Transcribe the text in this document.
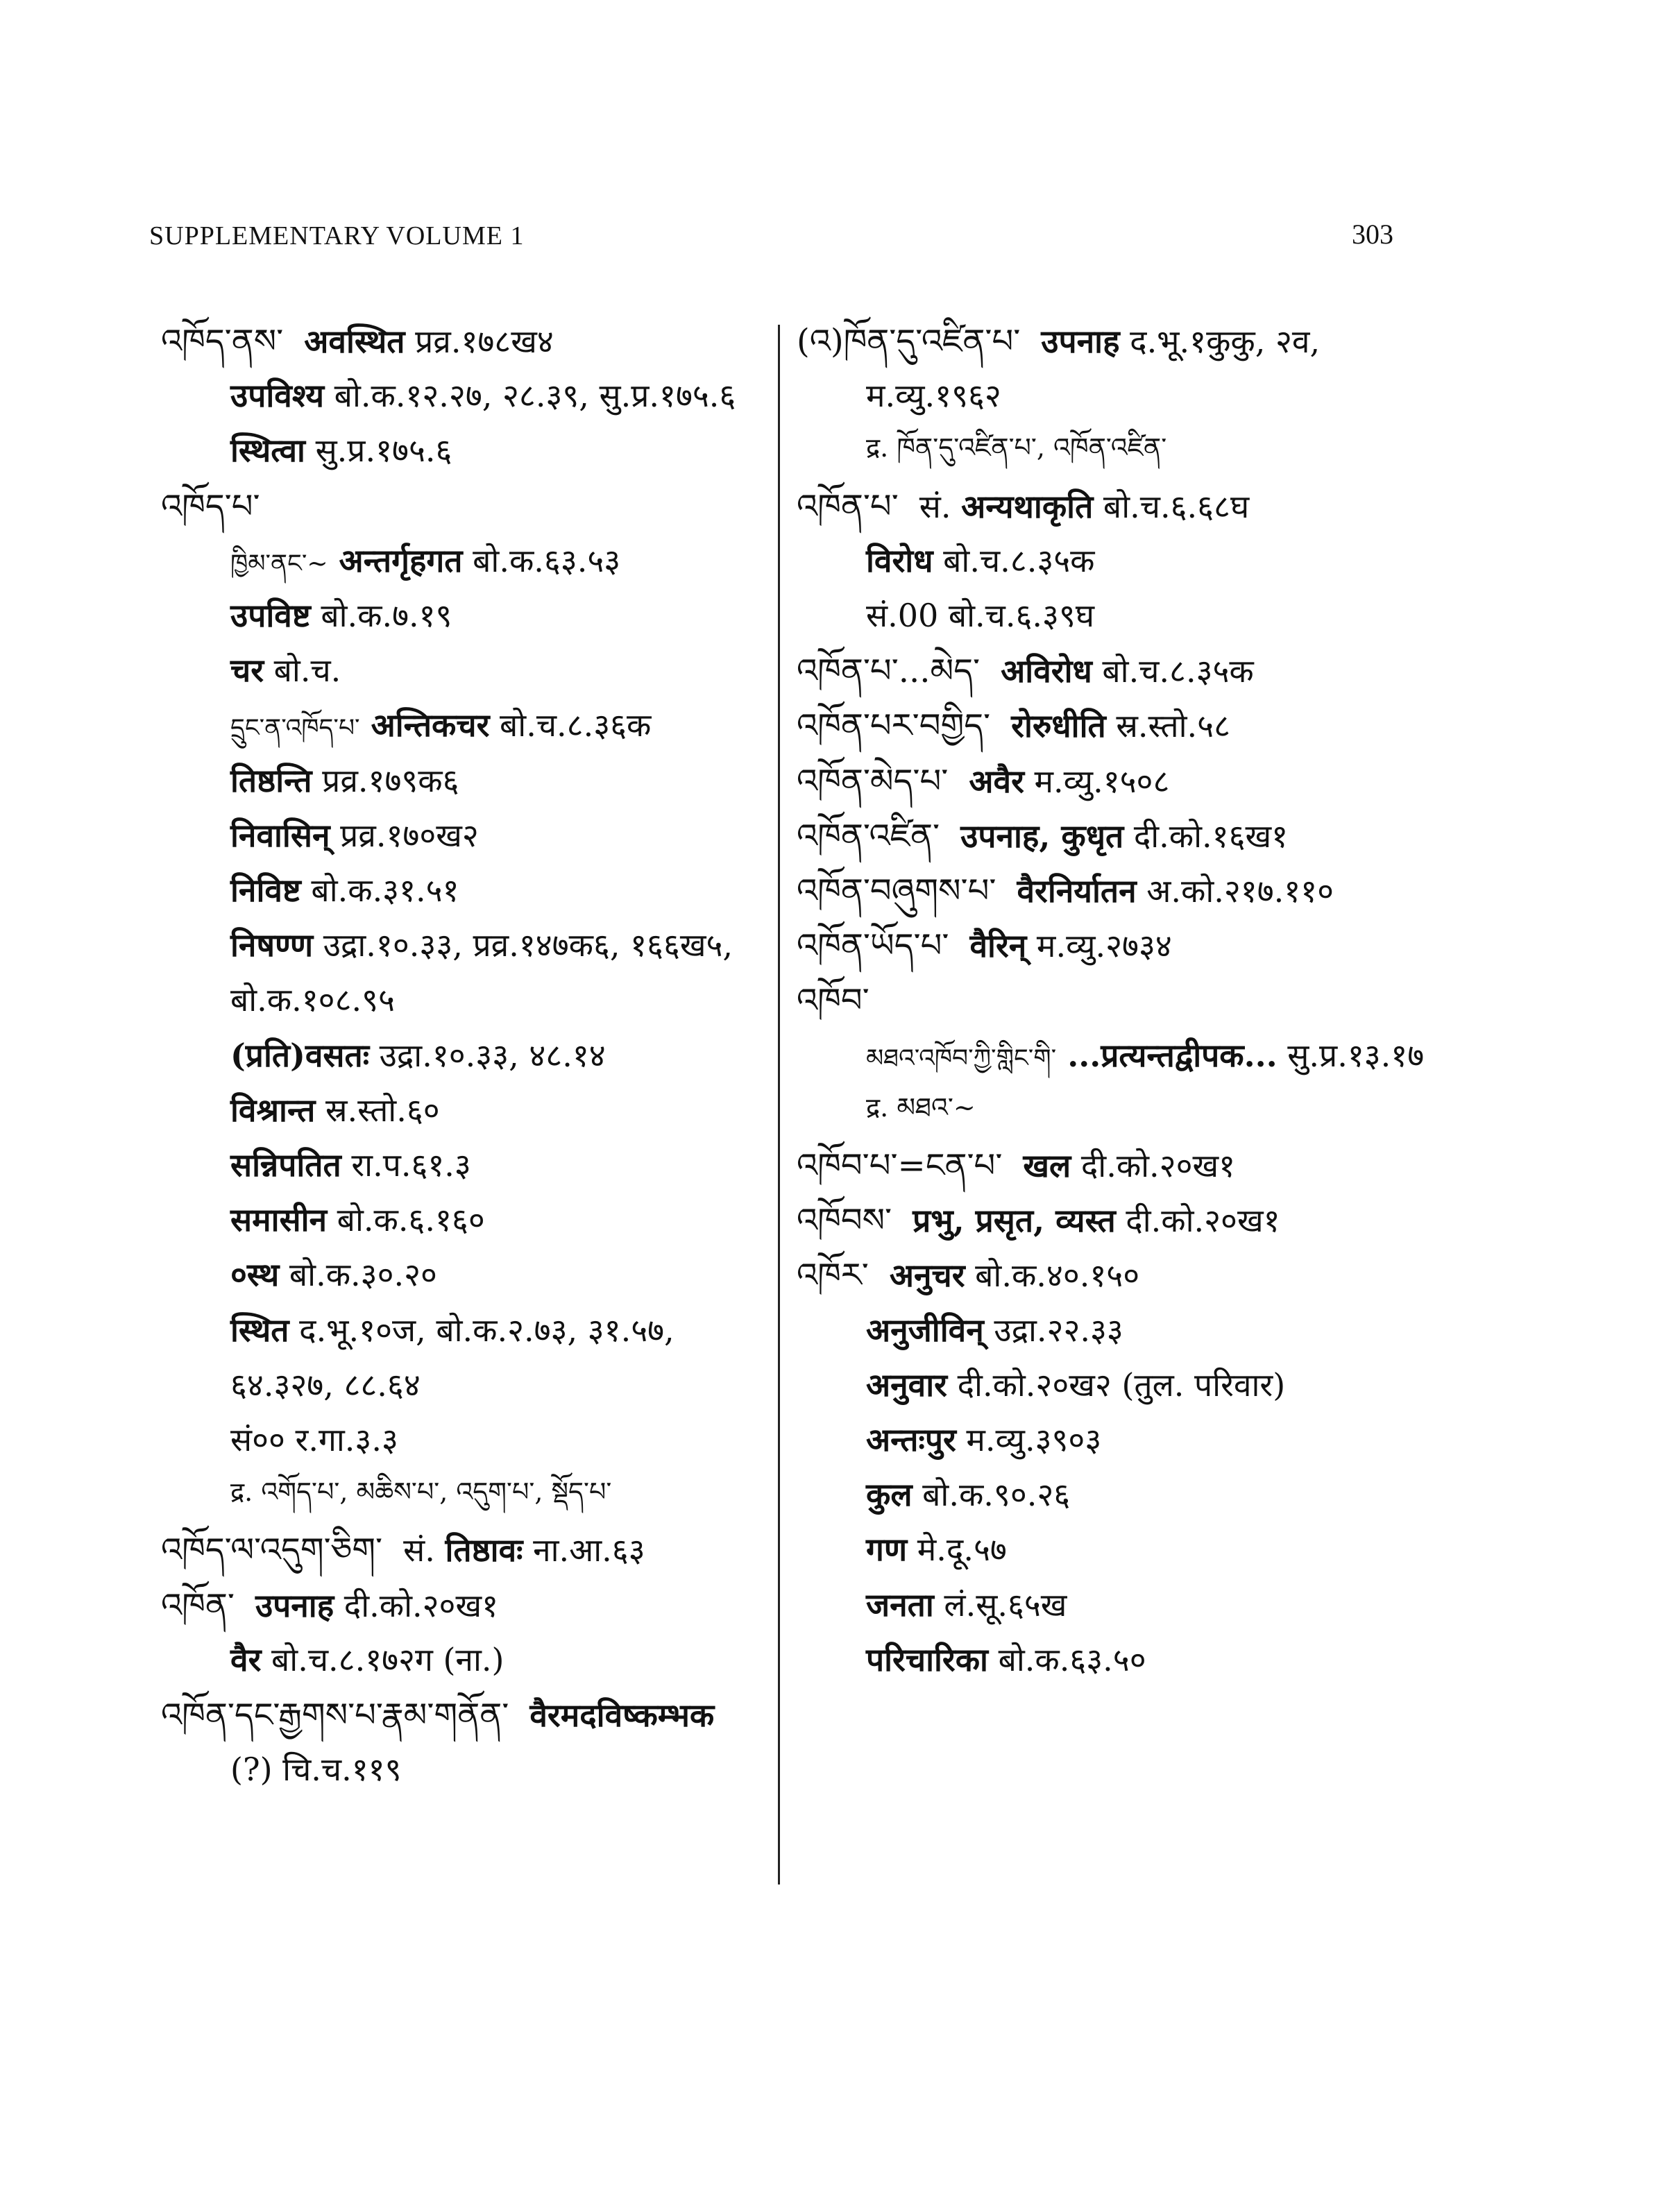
SUPPLEMENTARY VOLUME 1	303
འཁོད་ནས་ अवस्थित प्रव्र.१७८ख४
उपविश्य बो.क.१२.२७, २८.३९, सु.प्र.१७५.६
स्थित्वा सु.प्र.१७५.६
འཁོད་པ་
ཁྱིམ་ནང་~ अन्तर्गृहगत बो.क.६३.५३
उपविष्ट बो.क.७.१९
चर बो.च.
དྲུང་ན་འཁོད་པ་ अन्तिकचर बो.च.८.३६क
तिष्ठन्ति प्रव्र.१७९क६
निवासिन् प्रव्र.१७०ख२
निविष्ट बो.क.३१.५१
निषण्ण उद्रा.१०.३३, प्रव्र.१४७क६, १६६ख५,
बो.क.१०८.९५
(प्रति)वसतः उद्रा.१०.३३, ४८.१४
विश्रान्त स्र.स्तो.६०
सन्निपतित रा.प.६१.३
समासीन बो.क.६.१६०
०स्थ बो.क.३०.२०
स्थित द.भू.१०ज, बो.क.२.७३, ३१.५७,
६४.३२७, ८८.६४
सं०० र.गा.३.३
द्र. འགོད་པ་, མཆིས་པ་, འདུག་པ་, སྡོད་པ་
འཁོད་ལ་འདུག་ཅིག་ सं. तिष्ठावः ना.आ.६३
འཁོན་ उपनाह दी.को.२०ख१
वैर बो.च.८.१७२ग (ना.)
འཁོན་དང་རྒྱགས་པ་རྣམ་གནོན་ वैरमदविष्कम्भक
(?) चि.च.११९
(འ)ཁོན་དུ་འཛིན་པ་ उपनाह द.भू.१कुकु, २व,
म.व्यु.१९६२
द्र. ཁོན་དུ་འཛིན་པ་, འཁོན་འཛིན་
འཁོན་པ་ सं. अन्यथाकृति बो.च.६.६८घ
विरोध बो.च.८.३५क
सं.00 बो.च.६.३९घ
འཁོན་པ་...མེད་ अविरोध बो.च.८.३५क
འཁོན་པར་བགྱིད་ रोरुधीति स्र.स्तो.५८
འཁོན་མེད་པ་ अवैर म.व्यु.१५०८
འཁོན་འཛིན་ उपनाह, कुधृत दी.को.१६ख१
འཁོན་བཞུགས་པ་ वैरनिर्यातन अ.को.२१७.११०
འཁོན་ཡོད་པ་ वैरिन् म.व्यु.२७३४
འཁོབ་
མཐའ་འཁོབ་ཀྱི་གླིང་གི་ ...प्रत्यन्तद्वीपक... सु.प्र.१३.१७
द्र. མཐའ་~
འཁོབ་པ་=ངན་པ་ खल दी.को.२०ख१
འཁོབས་ प्रभु, प्रसृत, व्यस्त दी.को.२०ख१
འཁོར་ अनुचर बो.क.४०.१५०
अनुजीविन् उद्रा.२२.३३
अनुवार दी.को.२०ख२ (तुल. परिवार)
अन्तःपुर म.व्यु.३९०३
कुल बो.क.९०.२६
गण मे.दू.५७
जनता लं.सू.६५ख
परिचारिका बो.क.६३.५०
